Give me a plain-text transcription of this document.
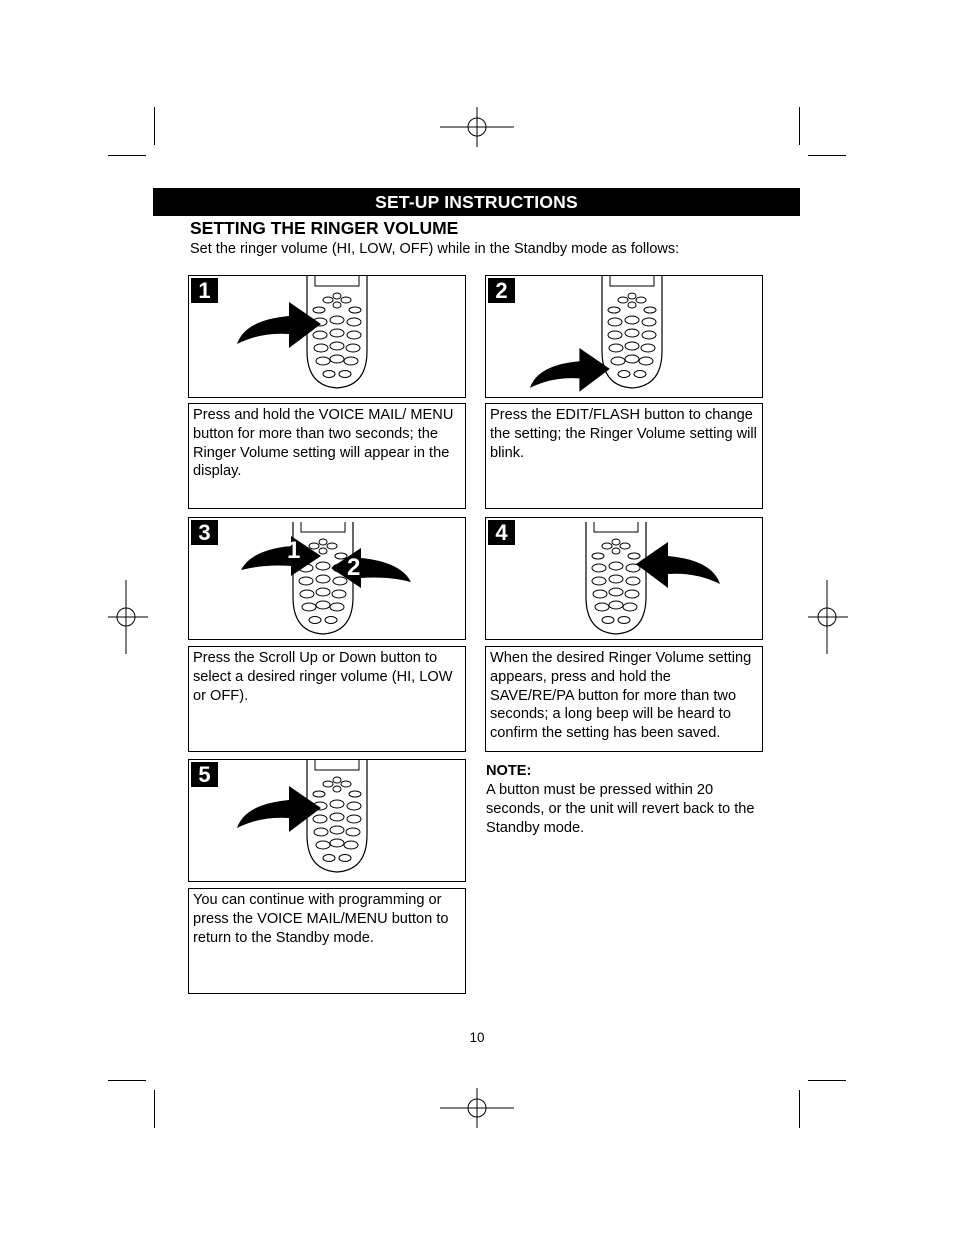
SET-UP INSTRUCTIONS
SETTING THE RINGER VOLUME
Set the ringer volume (HI, LOW, OFF) while in the Standby mode as follows:
1
Press and hold the VOICE MAIL/ MENU button for more than two seconds; the Ringer Volume setting will appear in the display.
2
Press the EDIT/FLASH button to change the setting; the Ringer Volume setting will blink.
1
2
3
Press the Scroll Up or Down button to select a desired ringer volume (HI, LOW or OFF).
4
When the desired Ringer Volume setting appears, press and hold the SAVE/RE/PA button for more than two seconds; a long beep will be heard to confirm the setting has been saved.
5
You can continue with programming or press the VOICE MAIL/MENU button to return to the Standby mode.
NOTE:
A button must be pressed within 20 seconds, or the unit will revert back to the Standby mode.
10
